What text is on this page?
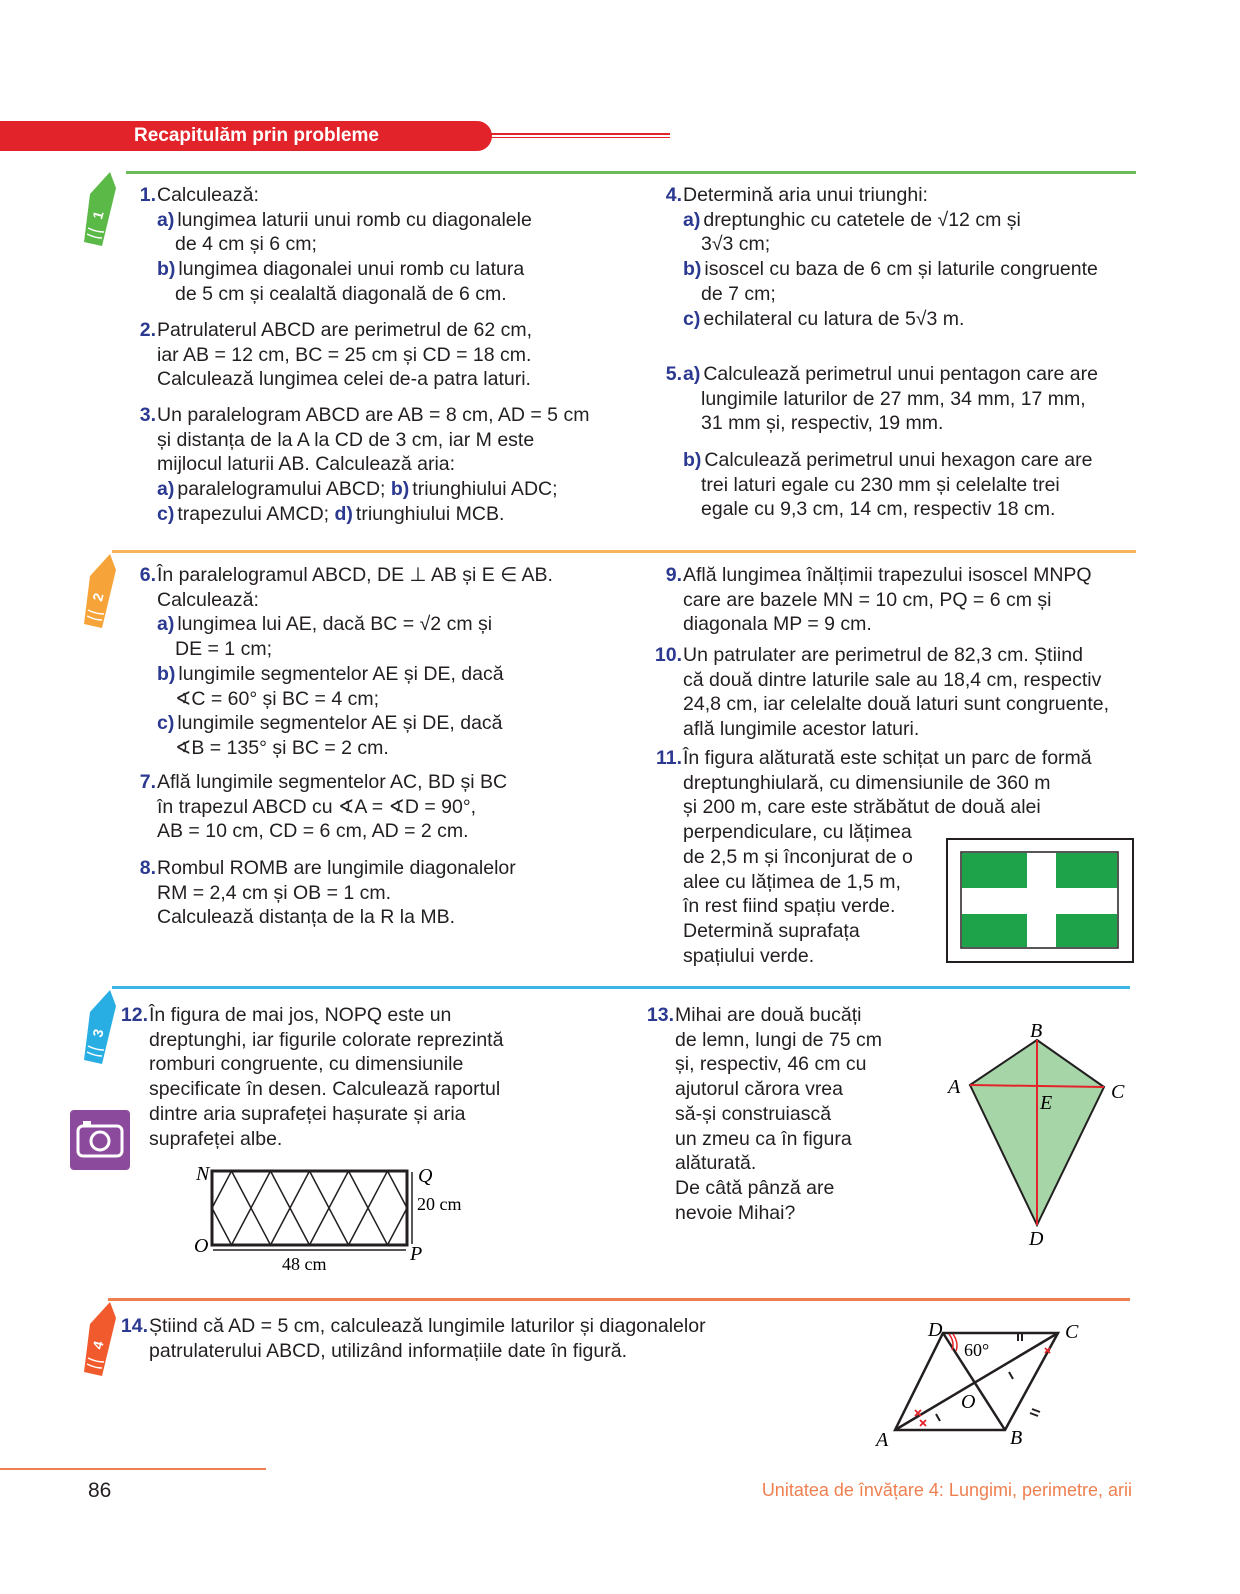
Recapitulăm prin probleme
1
2
3
4
1. Calculează:
a) lungimea laturii unui romb cu diagonalele
de 4 cm și 6 cm;
b) lungimea diagonalei unui romb cu latura
de 5 cm și cealaltă diagonală de 6 cm.
2. Patrulaterul ABCD are perimetrul de 62 cm,
iar AB = 12 cm, BC = 25 cm și CD = 18 cm.
Calculează lungimea celei de-a patra laturi.
3. Un paralelogram ABCD are AB = 8 cm, AD = 5 cm
și distanța de la A la CD de 3 cm, iar M este
mijlocul laturii AB. Calculează aria:
a) paralelogramului ABCD; b) triunghiului ADC;
c) trapezului AMCD; d) triunghiului MCB.
4. Determină aria unui triunghi:
a) dreptunghic cu catetele de √12 cm și
3√3 cm;
b) isoscel cu baza de 6 cm și laturile congruente
de 7 cm;
c) echilateral cu latura de 5√3 m.
5. a) Calculează perimetrul unui pentagon care are
lungimile laturilor de 27 mm, 34 mm, 17 mm,
31 mm și, respectiv, 19 mm.
b) Calculează perimetrul unui hexagon care are
trei laturi egale cu 230 mm și celelalte trei
egale cu 9,3 cm, 14 cm, respectiv 18 cm.
6. În paralelogramul ABCD, DE ⊥ AB și E ∈ AB.
Calculează:
a) lungimea lui AE, dacă BC = √2 cm și
DE = 1 cm;
b) lungimile segmentelor AE și DE, dacă
∢C = 60° și BC = 4 cm;
c) lungimile segmentelor AE și DE, dacă
∢B = 135° și BC = 2 cm.
7. Află lungimile segmentelor AC, BD și BC
în trapezul ABCD cu ∢A = ∢D = 90°,
AB = 10 cm, CD = 6 cm, AD = 2 cm.
8. Rombul ROMB are lungimile diagonalelor
RM = 2,4 cm și OB = 1 cm.
Calculează distanța de la R la MB.
9. Află lungimea înălțimii trapezului isoscel MNPQ
care are bazele MN = 10 cm, PQ = 6 cm și
diagonala MP = 9 cm.
10. Un patrulater are perimetrul de 82,3 cm. Știind
că două dintre laturile sale au 18,4 cm, respectiv
24,8 cm, iar celelalte două laturi sunt congruente,
află lungimile acestor laturi.
11. În figura alăturată este schițat un parc de formă
dreptunghiulară, cu dimensiunile de 360 m
și 200 m, care este străbătut de două alei
perpendiculare, cu lățimea
de 2,5 m și înconjurat de o
alee cu lățimea de 1,5 m,
în rest fiind spațiu verde.
Determină suprafața
spațiului verde.
12. În figura de mai jos, NOPQ este un
dreptunghi, iar figurile colorate reprezintă
romburi congruente, cu dimensiunile
specificate în desen. Calculează raportul
dintre aria suprafeței hașurate și aria
suprafeței albe.
13. Mihai are două bucăți
de lemn, lungi de 75 cm
și, respectiv, 46 cm cu
ajutorul cărora vrea
să-și construiască
un zmeu ca în figura
alăturată.
De câtă pânză are
nevoie Mihai?
14. Știind că AD = 5 cm, calculează lungimile laturilor și diagonalelor
patrulaterului ABCD, utilizând informațiile date în figură.
N	Q
O	P
20 cm
48 cm
A
B
C
D
E
D	C
A	B
O
60°
86	Unitatea de învățare 4: Lungimi, perimetre, arii
